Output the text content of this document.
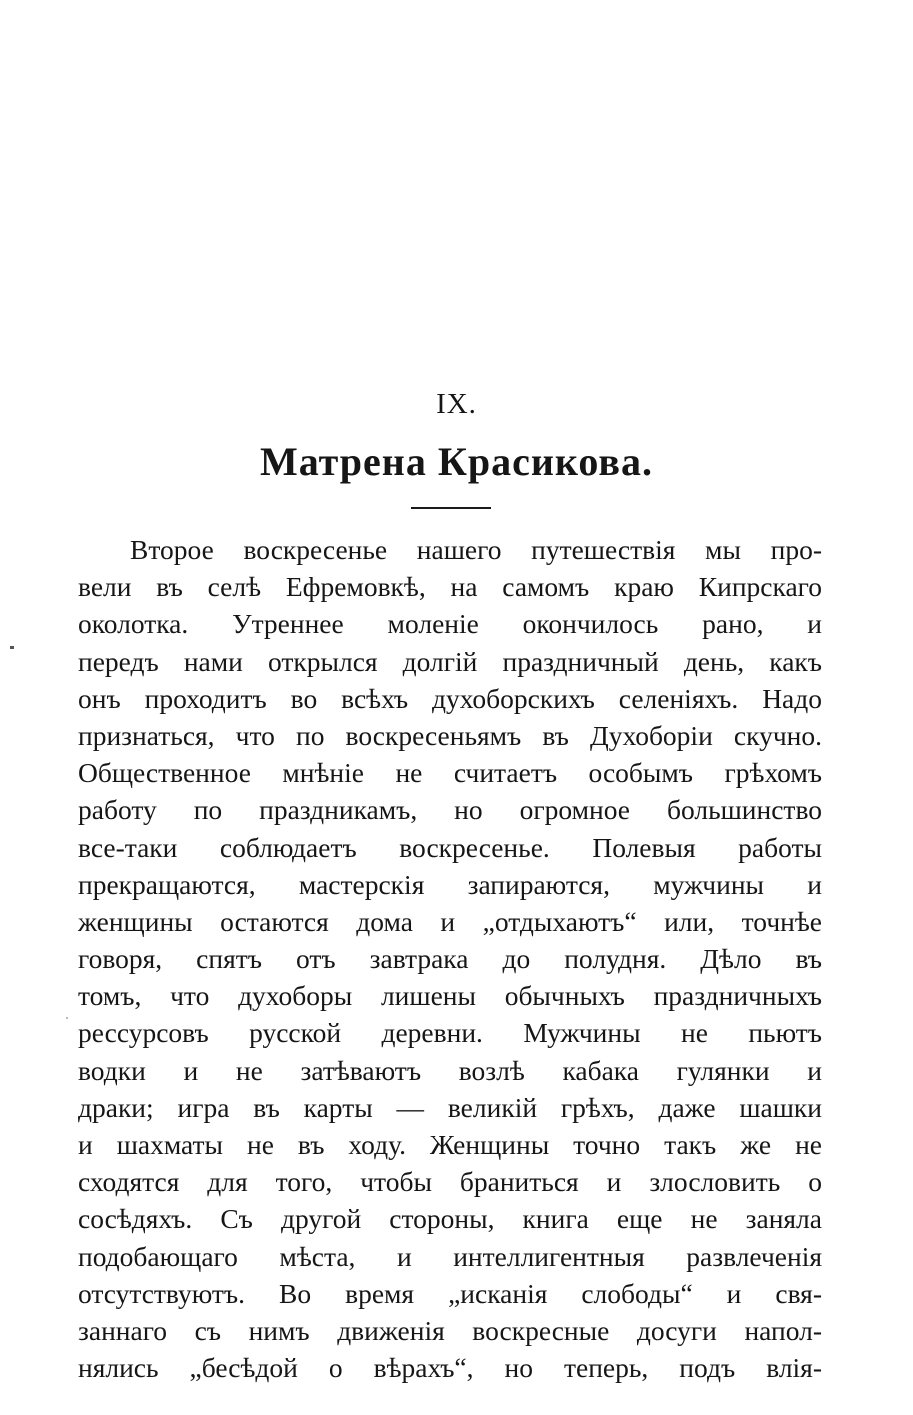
IX.
Матрена Красикова.
Второе воскресенье нашего путешествія мы про-
вели въ селѣ Ефремовкѣ, на самомъ краю Кипрскаго
околотка. Утреннее моленіе окончилось рано, и
передъ нами открылся долгій праздничный день, какъ
онъ проходитъ во всѣхъ духоборскихъ селеніяхъ. Надо
признаться, что по воскресеньямъ въ Духоборіи скучно.
Общественное мнѣніе не считаетъ особымъ грѣхомъ
работу по праздникамъ, но огромное большинство
все-таки соблюдаетъ воскресенье. Полевыя работы
прекращаются, мастерскія запираются, мужчины и
женщины остаются дома и „отдыхаютъ“ или, точнѣе
говоря, спятъ отъ завтрака до полудня. Дѣло въ
томъ, что духоборы лишены обычныхъ праздничныхъ
рессурсовъ русской деревни. Мужчины не пьютъ
водки и не затѣваютъ возлѣ кабака гулянки и
драки; игра въ карты — великій грѣхъ, даже шашки
и шахматы не въ ходу. Женщины точно такъ же не
сходятся для того, чтобы браниться и злословить о
сосѣдяхъ. Съ другой стороны, книга еще не заняла
подобающаго мѣста, и интеллигентныя развлеченія
отсутствуютъ. Во время „исканія слободы“ и свя-
заннаго съ нимъ движенія воскресные досуги напол-
нялись „бесѣдой о вѣрахъ“, но теперь, подъ влія-
